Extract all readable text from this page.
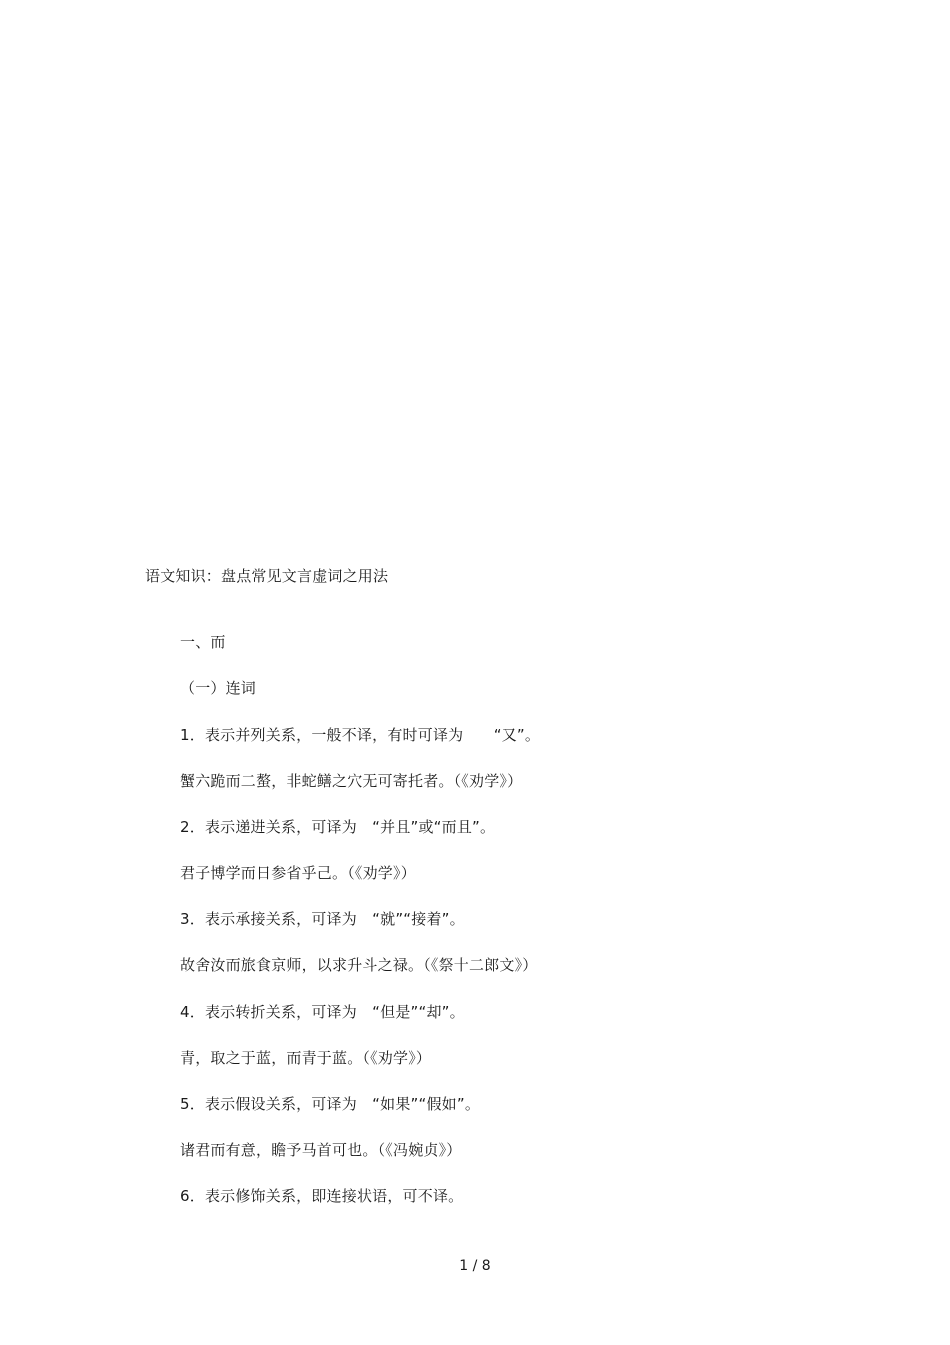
语文知识：盘点常见文言虚词之用法
一、而
（一）连词
1．表示并列关系，一般不译，有时可译为　　“又”。
蟹六跪而二螯，非蛇鳝之穴无可寄托者。（《劝学》）
2．表示递进关系，可译为　“并且”或“而且”。
君子博学而日参省乎己。（《劝学》）
3．表示承接关系，可译为　“就”“接着”。
故舍汝而旅食京师，以求升斗之禄。（《祭十二郎文》）
4．表示转折关系，可译为　“但是”“却”。
青，取之于蓝，而青于蓝。（《劝学》）
5．表示假设关系，可译为　“如果”“假如”。
诸君而有意，瞻予马首可也。（《冯婉贞》）
6．表示修饰关系，即连接状语，可不译。
1 / 8
